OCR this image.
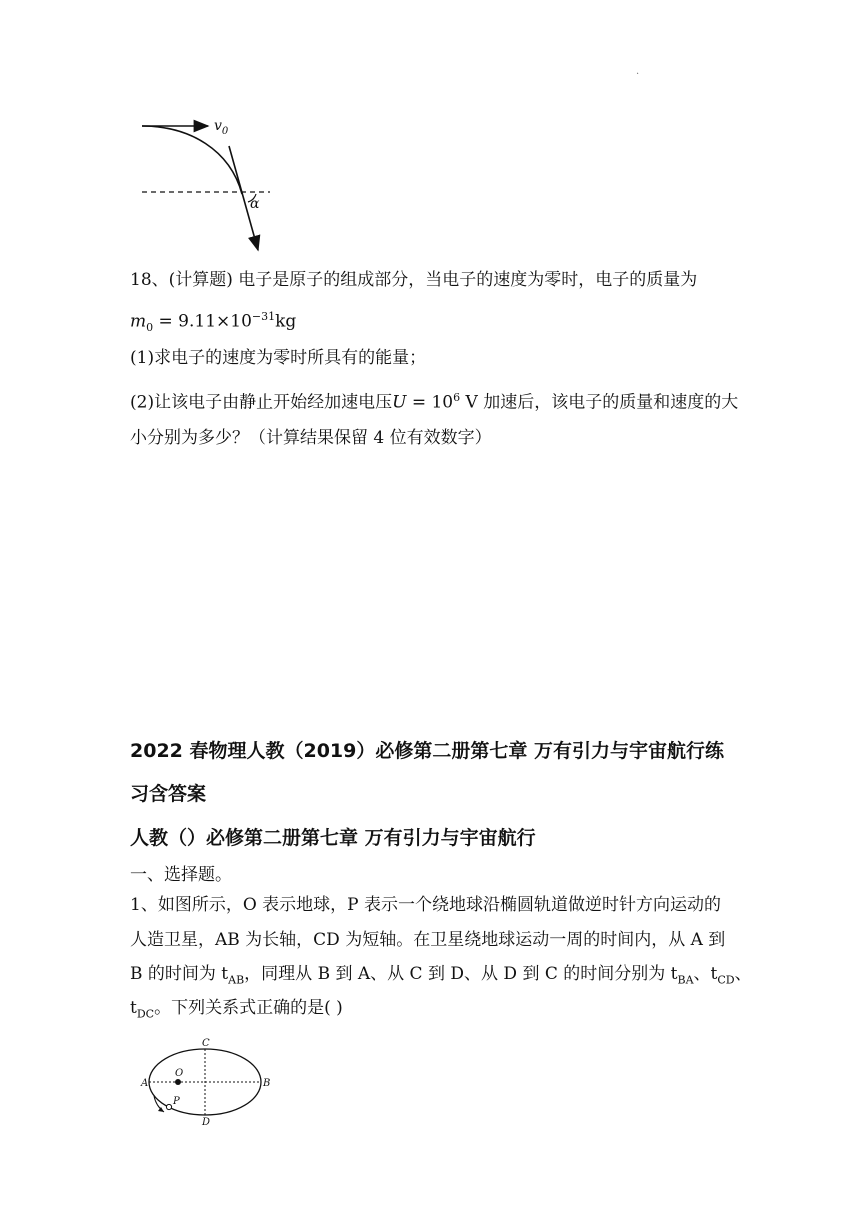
.
$v_0$
α
18、(计算题) 电子是原子的组成部分，当电子的速度为零时，电子的质量为
$m_0 = 9.11\times 10^{-31}kg$
(1)求电子的速度为零时所具有的能量；
(2)让该电子由静止开始经加速电压$U = 10^6$ V 加速后，该电子的质量和速度的大
小分别为多少？（计算结果保留 4 位有效数字）
2022 春物理人教（2019）必修第二册第七章 万有引力与宇宙航行练
习含答案
人教（）必修第二册第七章 万有引力与宇宙航行
一、选择题。
1、如图所示，O 表示地球，P 表示一个绕地球沿椭圆轨道做逆时针方向运动的
人造卫星，AB 为长轴，CD 为短轴。在卫星绕地球运动一周的时间内，从 A 到
B 的时间为 $t_{AB}$，同理从 B 到 A、从 C 到 D、从 D 到 C 的时间分别为 $t_{BA}$、$t_{CD}$、
$t_{DC}$。下列关系式正确的是( )
A	B
C
D
O
P
